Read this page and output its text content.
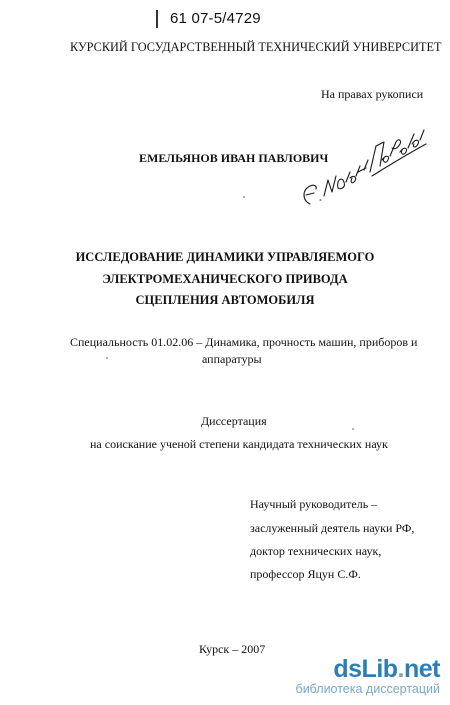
61 07-5/4729
КУРСКИЙ ГОСУДАРСТВЕННЫЙ ТЕХНИЧЕСКИЙ УНИВЕРСИТЕТ
На правах рукописи
ЕМЕЛЬЯНОВ ИВАН ПАВЛОВИЧ
ИССЛЕДОВАНИЕ ДИНАМИКИ УПРАВЛЯЕМОГО
ЭЛЕКТРОМЕХАНИЧЕСКОГО ПРИВОДА
СЦЕПЛЕНИЯ АВТОМОБИЛЯ
Специальность 01.02.06 – Динамика, прочность машин, приборов и
аппаратуры
Диссертация
на соискание ученой степени кандидата технических наук
Научный руководитель –
заслуженный деятель науки РФ,
доктор технических наук,
профессор Яцун С.Ф.
Курск – 2007
dsLib.net
библиотека диссертаций
